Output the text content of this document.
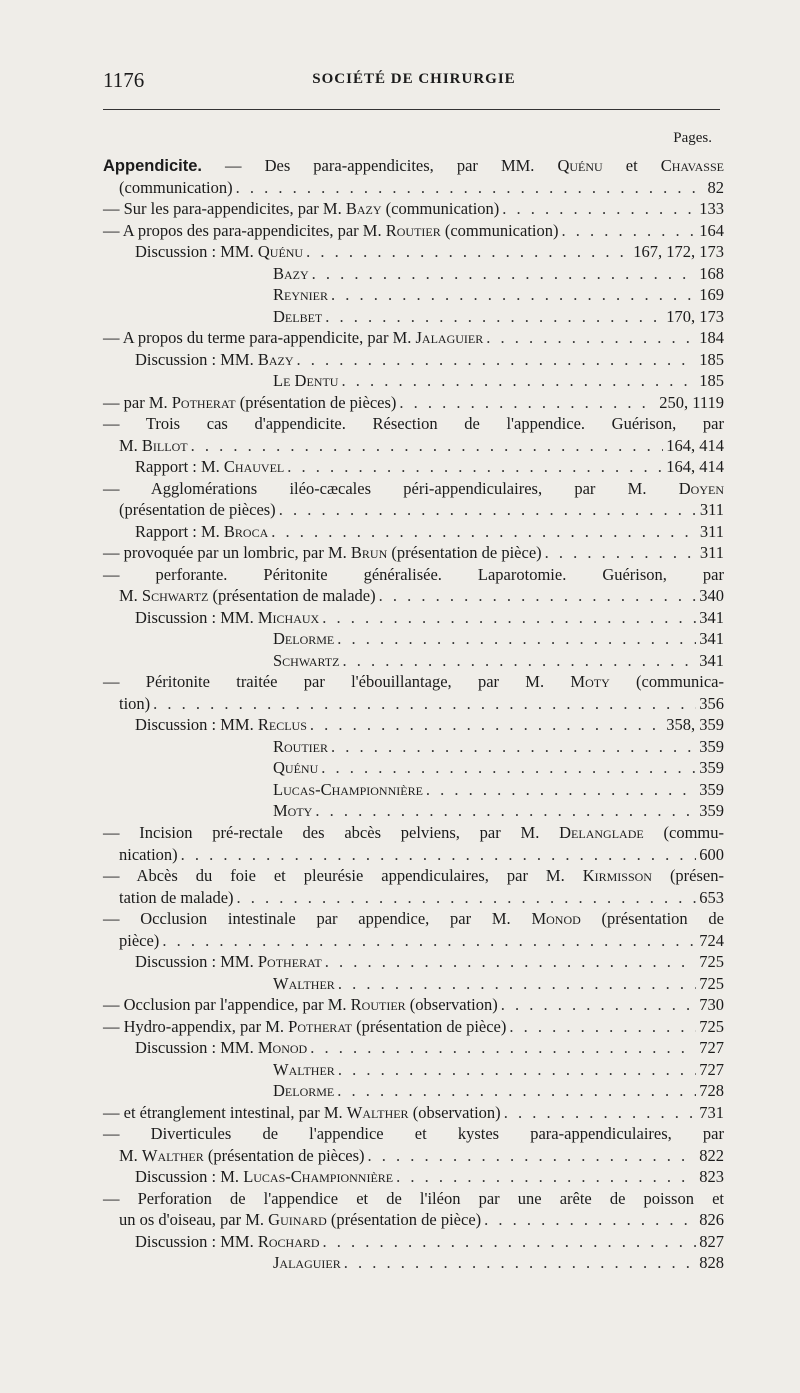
1176	SOCIÉTÉ DE CHIRURGIE
Pages.
Appendicite. — Des para-appendicites, par MM. Quénu et Chavasse
(communication) . . .	82
— Sur les para-appendicites, par M. Bazy (communication) . . .	133
— A propos des para-appendicites, par M. Routier (communication) . . .	164
Discussion : MM. Quénu . . .	167, 172, 173
Bazy . . .	168
Reynier . . .	169
Delbet . . .	170, 173
— A propos du terme para-appendicite, par M. Jalaguier . . .	184
Discussion : MM. Bazy . . .	185
Le Dentu . . .	185
— par M. Potherat (présentation de pièces) . . .	250, 1119
— Trois cas d'appendicite. Résection de l'appendice. Guérison, par
M. Billot . . .	164, 414
Rapport : M. Chauvel . . .	164, 414
— Agglomérations iléo-cæcales péri-appendiculaires, par M. Doyen
(présentation de pièces) . . .	311
Rapport : M. Broca . . .	311
— provoquée par un lombric, par M. Brun (présentation de pièce) . . .	311
— perforante. Péritonite généralisée. Laparotomie. Guérison, par
M. Schwartz (présentation de malade) . . .	340
Discussion : MM. Michaux . . .	341
Delorme . . .	341
Schwartz . . .	341
— Péritonite traitée par l'ébouillantage, par M. Moty (communica-
tion) . . .	356
Discussion : MM. Reclus . . .	358, 359
Routier . . .	359
Quénu . . .	359
Lucas-Championnière . . .	359
Moty . . .	359
— Incision pré-rectale des abcès pelviens, par M. Delanglade (commu-
nication) . . .	600
— Abcès du foie et pleurésie appendiculaires, par M. Kirmisson (présen-
tation de malade) . . .	653
— Occlusion intestinale par appendice, par M. Monod (présentation de
pièce) . . .	724
Discussion : MM. Potherat . . .	725
Walther . . .	725
— Occlusion par l'appendice, par M. Routier (observation) . . .	730
— Hydro-appendix, par M. Potherat (présentation de pièce) . . .	725
Discussion : MM. Monod . . .	727
Walther . . .	727
Delorme . . .	728
— et étranglement intestinal, par M. Walther (observation) . . .	731
— Diverticules de l'appendice et kystes para-appendiculaires, par
M. Walther (présentation de pièces) . . .	822
Discussion : M. Lucas-Championnière . . .	823
— Perforation de l'appendice et de l'iléon par une arête de poisson et
un os d'oiseau, par M. Guinard (présentation de pièce) . . .	826
Discussion : MM. Rochard . . .	827
Jalaguier . . .	828
